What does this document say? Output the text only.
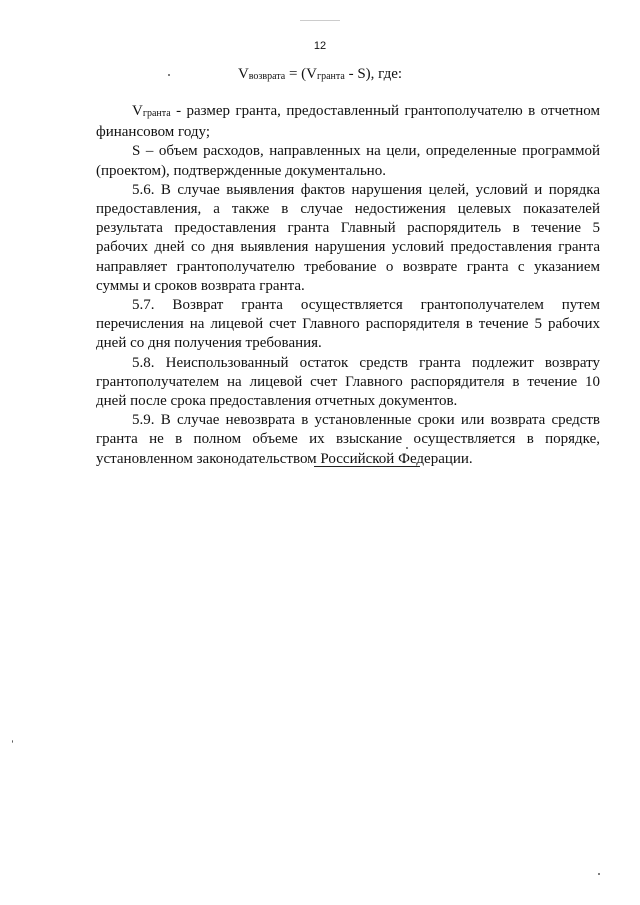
12
$V_{возврата} = (V_{гранта} - S)$, где:

$V_{гранта}$ - размер гранта, предоставленный грантополучателю в отчетном финансовом году;

S – объем расходов, направленных на цели, определенные программой (проектом), подтвержденные документально.

5.6. В случае выявления фактов нарушения целей, условий и порядка предоставления, а также в случае недостижения целевых показателей результата предоставления гранта Главный распорядитель в течение 5 рабочих дней со дня выявления нарушения условий предоставления гранта направляет грантополучателю требование о возврате гранта с указанием суммы и сроков возврата гранта.

5.7. Возврат гранта осуществляется грантополучателем путем перечисления на лицевой счет Главного распорядителя в течение 5 рабочих дней со дня получения требования.

5.8. Неиспользованный остаток средств гранта подлежит возврату грантополучателем на лицевой счет Главного распорядителя в течение 10 дней после срока предоставления отчетных документов.

5.9. В случае невозврата в установленные сроки или возврата средств гранта не в полном объеме их взыскание осуществляется в порядке, установленном законодательством Российской Федерации.
